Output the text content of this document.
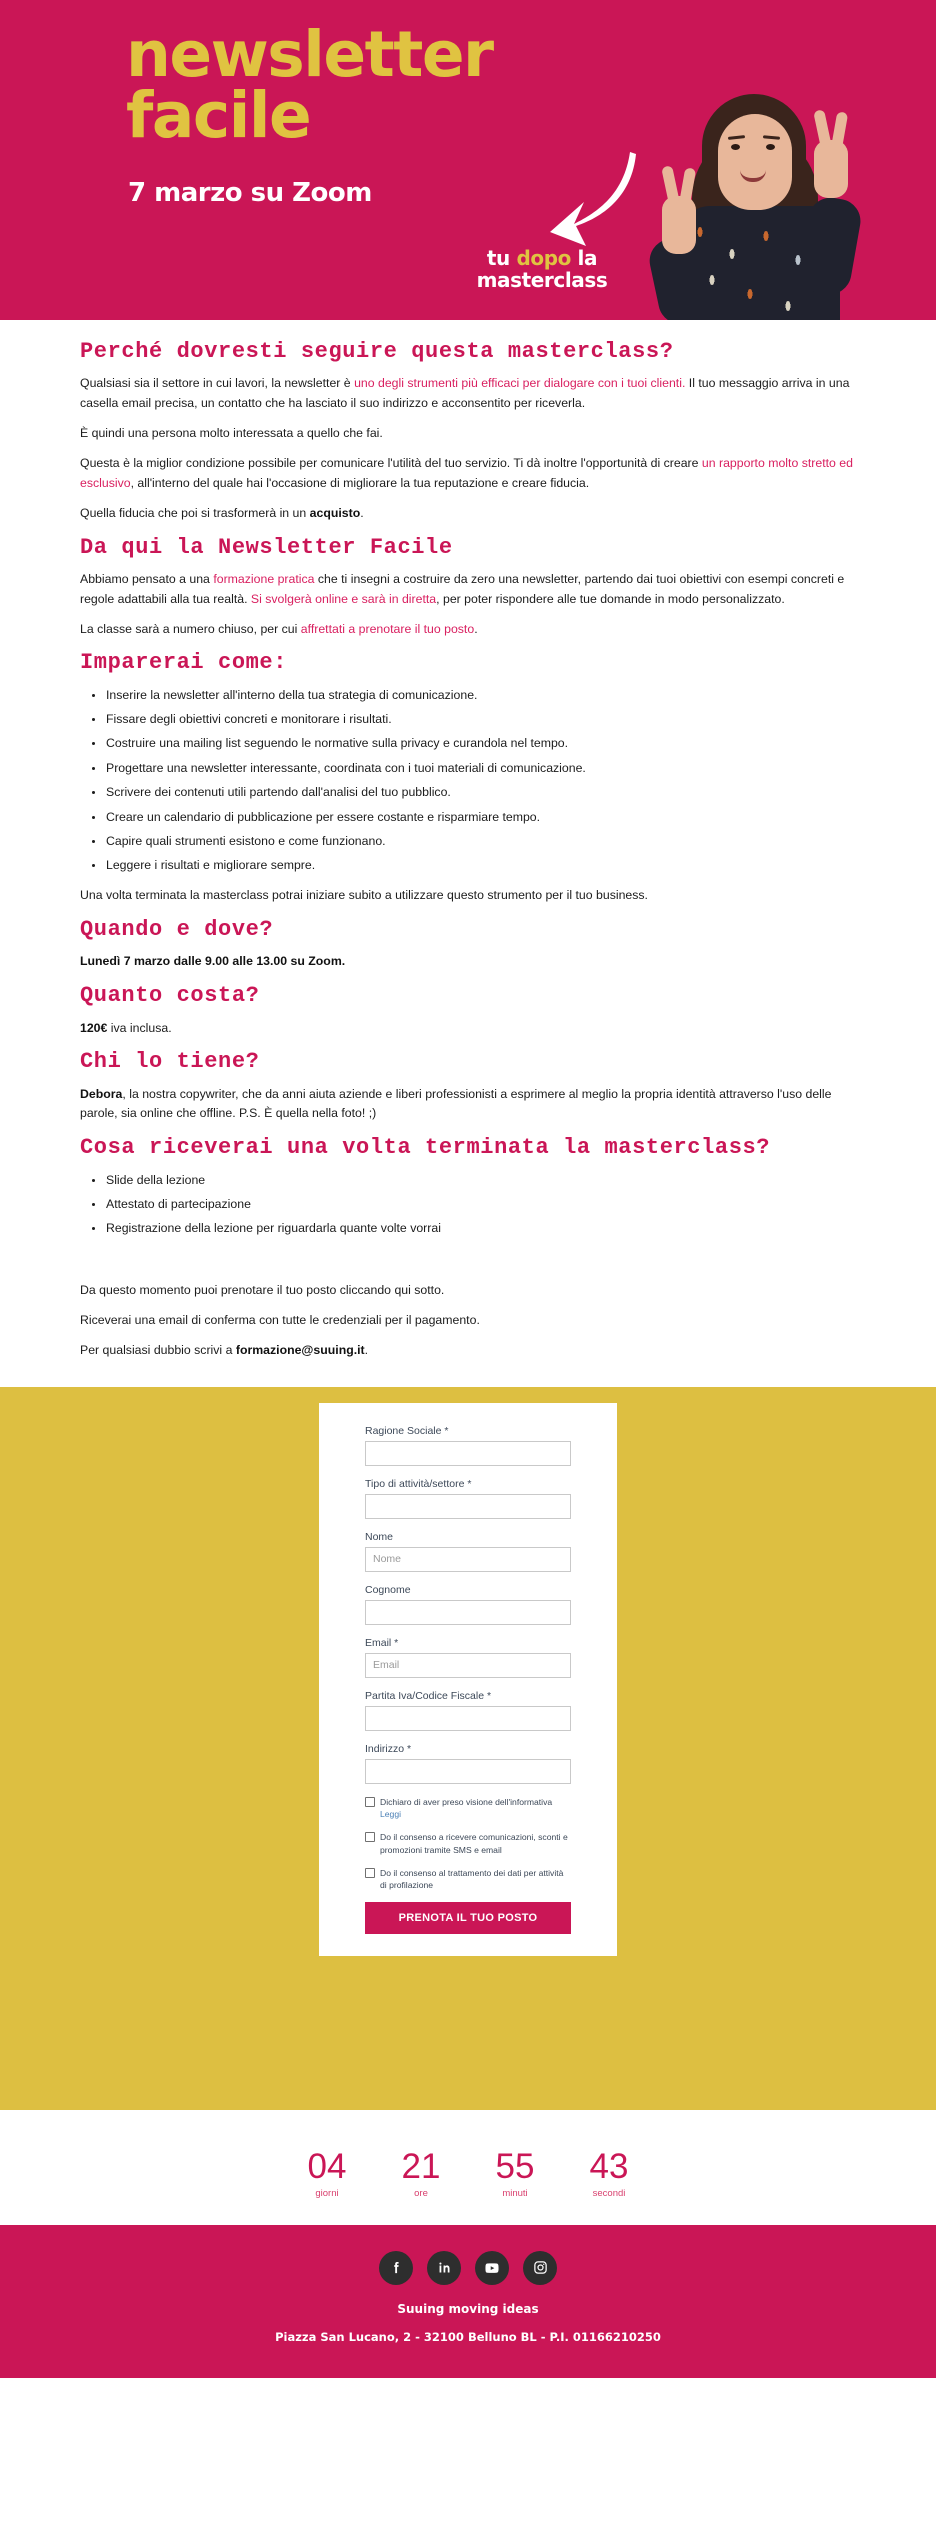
newsletter
facile
7 marzo su Zoom
tu dopo la
masterclass
Perché dovresti seguire questa masterclass?

Qualsiasi sia il settore in cui lavori, la newsletter è uno degli strumenti più efficaci per dialogare con i tuoi clienti. Il tuo messaggio arriva in una casella email precisa, un contatto che ha lasciato il suo indirizzo e acconsentito per riceverla.

È quindi una persona molto interessata a quello che fai.

Questa è la miglior condizione possibile per comunicare l'utilità del tuo servizio. Ti dà inoltre l'opportunità di creare un rapporto molto stretto ed esclusivo, all'interno del quale hai l'occasione di migliorare la tua reputazione e creare fiducia.

Quella fiducia che poi si trasformerà in un acquisto.

Da qui la Newsletter Facile

Abbiamo pensato a una formazione pratica che ti insegni a costruire da zero una newsletter, partendo dai tuoi obiettivi con esempi concreti e regole adattabili alla tua realtà. Si svolgerà online e sarà in diretta, per poter rispondere alle tue domande in modo personalizzato.

La classe sarà a numero chiuso, per cui affrettati a prenotare il tuo posto.

Imparerai come:
Inserire la newsletter all'interno della tua strategia di comunicazione.
Fissare degli obiettivi concreti e monitorare i risultati.
Costruire una mailing list seguendo le normative sulla privacy e curandola nel tempo.
Progettare una newsletter interessante, coordinata con i tuoi materiali di comunicazione.
Scrivere dei contenuti utili partendo dall'analisi del tuo pubblico.
Creare un calendario di pubblicazione per essere costante e risparmiare tempo.
Capire quali strumenti esistono e come funzionano.
Leggere i risultati e migliorare sempre.

Una volta terminata la masterclass potrai iniziare subito a utilizzare questo strumento per il tuo business.

Quando e dove?

Lunedì 7 marzo dalle 9.00 alle 13.00 su Zoom.

Quanto costa?

120€ iva inclusa.

Chi lo tiene?

Debora, la nostra copywriter, che da anni aiuta aziende e liberi professionisti a esprimere al meglio la propria identità attraverso l'uso delle parole, sia online che offline. P.S. È quella nella foto! ;)

Cosa riceverai una volta terminata la masterclass?
Slide della lezione
Attestato di partecipazione
Registrazione della lezione per riguardarla quante volte vorrai

Da questo momento puoi prenotare il tuo posto cliccando qui sotto.

Riceverai una email di conferma con tutte le credenziali per il pagamento.

Per qualsiasi dubbio scrivi a formazione@suuing.it.

Ragione Sociale *
Tipo di attività/settore *
Nome
Nome
Cognome
Email *
Email
Partita Iva/Codice Fiscale *
Indirizzo *
Dichiaro di aver preso visione dell'informativa
Leggi
Do il consenso a ricevere comunicazioni, sconti e promozioni tramite SMS e email
Do il consenso al trattamento dei dati per attività di profilazione
PRENOTA IL TUO POSTO
04
giorni
21
ore
55
minuti
43
secondi
Suuing moving ideas
Piazza San Lucano, 2 - 32100 Belluno BL - P.I. 01166210250
